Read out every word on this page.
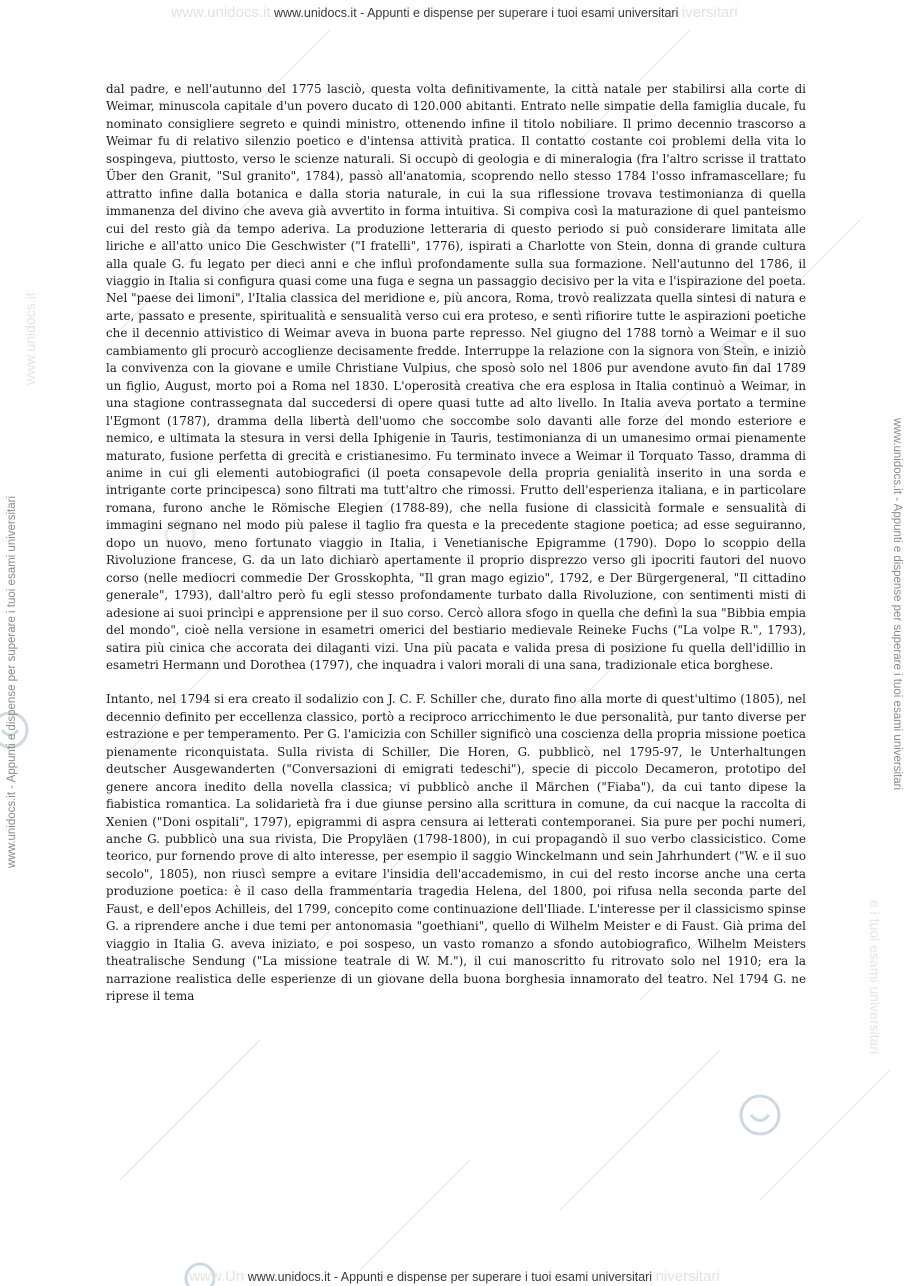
www.unidocs.it www.unidocs.it - Appunti e dispense per superare i tuoi esami universitari iversitari
www.unidocs.it - Appunti e dispense per superare i tuoi esami universitari	www.unidocs.it - Appunti e dispense per superare i tuoi esami universitari
www.unidocs.it
e i tuoi esami universitari

dal padre, e nell'autunno del 1775 lasciò, questa volta definitivamente, la città natale per stabilirsi alla corte di Weimar, minuscola capitale d'un povero ducato di 120.000 abitanti. Entrato nelle simpatie della famiglia ducale, fu nominato consigliere segreto e quindi ministro, ottenendo infine il titolo nobiliare. Il primo decennio trascorso a Weimar fu di relativo silenzio poetico e d'intensa attività pratica. Il contatto costante coi problemi della vita lo sospingeva, piuttosto, verso le scienze naturali. Si occupò di geologia e di mineralogia (fra l'altro scrisse il trattato Über den Granit, "Sul granito", 1784), passò all'anatomia, scoprendo nello stesso 1784 l'osso inframascellare; fu attratto infine dalla botanica e dalla storia naturale, in cui la sua riflessione trovava testimonianza di quella immanenza del divino che aveva già avvertito in forma intuitiva. Si compiva così la maturazione di quel panteismo cui del resto già da tempo aderiva. La produzione letteraria di questo periodo si può considerare limitata alle liriche e all'atto unico Die Geschwister ("I fratelli", 1776), ispirati a Charlotte von Stein, donna di grande cultura alla quale G. fu legato per dieci anni e che influì profondamente sulla sua formazione. Nell'autunno del 1786, il viaggio in Italia si configura quasi come una fuga e segna un passaggio decisivo per la vita e l'ispirazione del poeta. Nel "paese dei limoni", l'Italia classica del meridione e, più ancora, Roma, trovò realizzata quella sintesi di natura e arte, passato e presente, spiritualità e sensualità verso cui era proteso, e sentì rifiorire tutte le aspirazioni poetiche che il decennio attivistico di Weimar aveva in buona parte represso. Nel giugno del 1788 tornò a Weimar e il suo cambiamento gli procurò accoglienze decisamente fredde. Interruppe la relazione con la signora von Stein, e iniziò la convivenza con la giovane e umile Christiane Vulpius, che sposò solo nel 1806 pur avendone avuto fin dal 1789 un figlio, August, morto poi a Roma nel 1830. L'operosità creativa che era esplosa in Italia continuò a Weimar, in una stagione contrassegnata dal succedersi di opere quasi tutte ad alto livello. In Italia aveva portato a termine l'Egmont (1787), dramma della libertà dell'uomo che soccombe solo davanti alle forze del mondo esteriore e nemico, e ultimata la stesura in versi della Iphigenie in Tauris, testimonianza di un umanesimo ormai pienamente maturato, fusione perfetta di grecità e cristianesimo. Fu terminato invece a Weimar il Torquato Tasso, dramma di anime in cui gli elementi autobiografici (il poeta consapevole della propria genialità inserito in una sorda e intrigante corte principesca) sono filtrati ma tutt'altro che rimossi. Frutto dell'esperienza italiana, e in particolare romana, furono anche le Römische Elegien (1788-89), che nella fusione di classicità formale e sensualità di immagini segnano nel modo più palese il taglio fra questa e la precedente stagione poetica; ad esse seguiranno, dopo un nuovo, meno fortunato viaggio in Italia, i Venetianische Epigramme (1790). Dopo lo scoppio della Rivoluzione francese, G. da un lato dichiarò apertamente il proprio disprezzo verso gli ipocriti fautori del nuovo corso (nelle mediocri commedie Der Grosskophta, "Il gran mago egizio", 1792, e Der Bürgergeneral, "Il cittadino generale", 1793), dall'altro però fu egli stesso profondamente turbato dalla Rivoluzione, con sentimenti misti di adesione ai suoi princìpi e apprensione per il suo corso. Cercò allora sfogo in quella che definì la sua "Bibbia empia del mondo", cioè nella versione in esametri omerici del bestiario medievale Reineke Fuchs ("La volpe R.", 1793), satira più cinica che accorata dei dilaganti vizi. Una più pacata e valida presa di posizione fu quella dell'idillio in esametri Hermann und Dorothea (1797), che inquadra i valori morali di una sana, tradizionale etica borghese.

Intanto, nel 1794 si era creato il sodalizio con J. C. F. Schiller che, durato fino alla morte di quest'ultimo (1805), nel decennio definito per eccellenza classico, portò a reciproco arricchimento le due personalità, pur tanto diverse per estrazione e per temperamento. Per G. l'amicizia con Schiller significò una coscienza della propria missione poetica pienamente riconquistata. Sulla rivista di Schiller, Die Horen, G. pubblicò, nel 1795-97, le Unterhaltungen deutscher Ausgewanderten ("Conversazioni di emigrati tedeschi"), specie di piccolo Decameron, prototipo del genere ancora inedito della novella classica; vi pubblicò anche il Märchen ("Fiaba"), da cui tanto dipese la fiabistica romantica. La solidarietà fra i due giunse persino alla scrittura in comune, da cui nacque la raccolta di Xenien ("Doni ospitali", 1797), epigrammi di aspra censura ai letterati contemporanei. Sia pure per pochi numeri, anche G. pubblicò una sua rivista, Die Propyläen (1798-1800), in cui propagandò il suo verbo classicistico. Come teorico, pur fornendo prove di alto interesse, per esempio il saggio Winckelmann und sein Jahrhundert ("W. e il suo secolo", 1805), non riuscì sempre a evitare l'insidia dell'accademismo, in cui del resto incorse anche una certa produzione poetica: è il caso della frammentaria tragedia Helena, del 1800, poi rifusa nella seconda parte del Faust, e dell'epos Achilleis, del 1799, concepito come continuazione dell'Iliade. L'interesse per il classicismo spinse G. a riprendere anche i due temi per antonomasia "goethiani", quello di Wilhelm Meister e di Faust. Già prima del viaggio in Italia G. aveva iniziato, e poi sospeso, un vasto romanzo a sfondo autobiografico, Wilhelm Meisters theatralische Sendung ("La missione teatrale di W. M."), il cui manoscritto fu ritrovato solo nel 1910; era la narrazione realistica delle esperienze di un giovane della buona borghesia innamorato del teatro. Nel 1794 G. ne riprese il tema

www.Un www.unidocs.it - Appunti e dispense per superare i tuoi esami universitari niversitari
